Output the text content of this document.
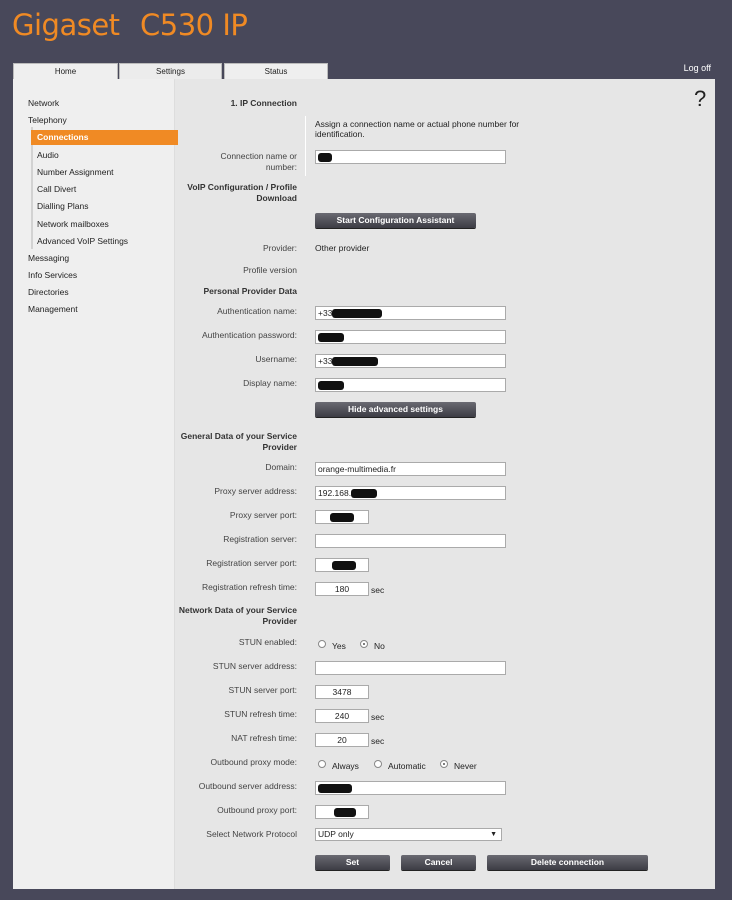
Gigaset C530 IP
Home	Settings	Status	Log off
?
Network
Telephony
Connections
Audio
Number Assignment
Call Divert
Dialling Plans
Network mailboxes
Advanced VoIP Settings
Messaging
Info Services
Directories
Management
1. IP Connection
Assign a connection name or actual phone number for identification.
Connection name or number:
VoIP Configuration / Profile Download
Start Configuration Assistant
Provider: Other provider
Profile version
Personal Provider Data
Authentication name:	+33
Authentication password:
Username:	+33
Display name:
Hide advanced settings
General Data of your Service Provider
Domain:	orange-multimedia.fr
Proxy server address:	192.168.
Proxy server port:
Registration server:
Registration server port:
Registration refresh time:	180	sec
Network Data of your Service Provider
STUN enabled:	Yes	No
STUN server address:
STUN server port:	3478
STUN refresh time:	240	sec
NAT refresh time:	20	sec
Outbound proxy mode:	Always	Automatic	Never
Outbound server address:
Outbound proxy port:
Select Network Protocol	UDP only	▼
Set	Cancel	Delete connection
